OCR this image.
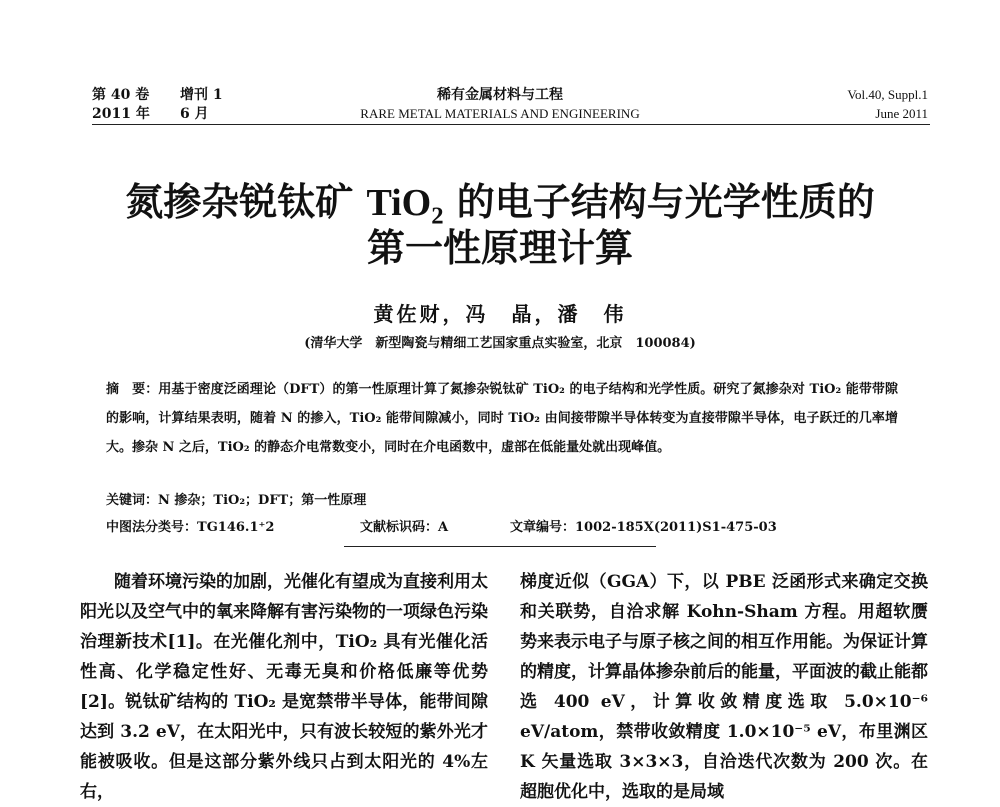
第 40 卷 增刊 1
2011 年 6 月
稀有金属材料与工程
RARE METAL MATERIALS AND ENGINEERING
Vol.40, Suppl.1
June 2011
氮掺杂锐钛矿 TiO$_2$ 的电子结构与光学性质的
第一性原理计算
黄佐财，冯　晶，潘　伟
(清华大学　新型陶瓷与精细工艺国家重点实验室，北京　100084)
摘　要：用基于密度泛函理论（DFT）的第一性原理计算了氮掺杂锐钛矿 TiO₂ 的电子结构和光学性质。研究了氮掺杂对 TiO₂ 能带带隙的影响，计算结果表明，随着 N 的掺入，TiO₂ 能带间隙减小，同时 TiO₂ 由间接带隙半导体转变为直接带隙半导体，电子跃迁的几率增大。掺杂 N 之后，TiO₂ 的静态介电常数变小，同时在介电函数中，虚部在低能量处就出现峰值。
关键词：N 掺杂；TiO₂；DFT；第一性原理
中图法分类号：TG146.1⁺2	文献标识码：A	文章编号：1002-185X(2011)S1-475-03
随着环境污染的加剧，光催化有望成为直接利用太阳光以及空气中的氧来降解有害污染物的一项绿色污染治理新技术[1]。在光催化剂中，TiO₂ 具有光催化活性高、化学稳定性好、无毒无臭和价格低廉等优势[2]。锐钛矿结构的 TiO₂ 是宽禁带半导体，能带间隙达到 3.2 eV，在太阳光中，只有波长较短的紫外光才能被吸收。但是这部分紫外线只占到太阳光的 4%左右，
梯度近似（GGA）下，以 PBE 泛函形式来确定交换和关联势，自洽求解 Kohn-Sham 方程。用超软赝势来表示电子与原子核之间的相互作用能。为保证计算的精度，计算晶体掺杂前后的能量，平面波的截止能都选 400 eV，计算收敛精度选取 5.0×10⁻⁶ eV/atom，禁带收敛精度 1.0×10⁻⁵ eV，布里渊区 K 矢量选取 3×3×3，自洽迭代次数为 200 次。在超胞优化中，选取的是局域
